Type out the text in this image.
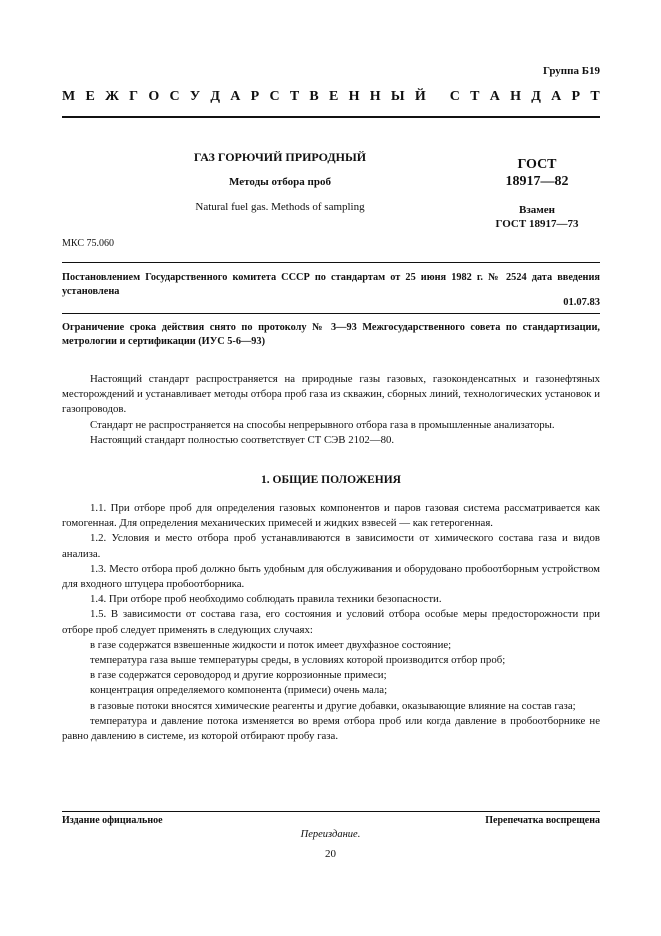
Группа Б19
М Е Ж Г О С У Д А Р С Т В Е Н Н Ы Й
С Т А Н Д А Р Т
ГАЗ ГОРЮЧИЙ ПРИРОДНЫЙ
Методы отбора проб
Natural fuel gas. Methods of sampling
ГОСТ
18917—82
Взамен
ГОСТ 18917—73
МКС 75.060
Постановлением Государственного комитета СССР по стандартам от 25 июня 1982 г. № 2524 дата введения установлена
01.07.83
Ограничение срока действия снято по протоколу № 3—93 Межгосударственного совета по стандартизации, метрологии и сертификации (ИУС 5-6—93)

Настоящий стандарт распространяется на природные газы газовых, газоконденсатных и газонефтяных месторождений и устанавливает методы отбора проб газа из скважин, сборных линий, технологических установок и газопроводов.

Стандарт не распространяется на способы непрерывного отбора газа в промышленные анализаторы.

Настоящий стандарт полностью соответствует СТ СЭВ 2102—80.

1. ОБЩИЕ ПОЛОЖЕНИЯ

1.1. При отборе проб для определения газовых компонентов и паров газовая система рассматривается как гомогенная. Для определения механических примесей и жидких взвесей — как гетерогенная.

1.2. Условия и место отбора проб устанавливаются в зависимости от химического состава газа и видов анализа.

1.3. Место отбора проб должно быть удобным для обслуживания и оборудовано пробоотборным устройством для входного штуцера пробоотборника.

1.4. При отборе проб необходимо соблюдать правила техники безопасности.

1.5. В зависимости от состава газа, его состояния и условий отбора особые меры предосторожности при отборе проб следует применять в следующих случаях:

в газе содержатся взвешенные жидкости и поток имеет двухфазное состояние;

температура газа выше температуры среды, в условиях которой производится отбор проб;

в газе содержатся сероводород и другие коррозионные примеси;

концентрация определяемого компонента (примеси) очень мала;

в газовые потоки вносятся химические реагенты и другие добавки, оказывающие влияние на состав газа;

температура и давление потока изменяется во время отбора проб или когда давление в пробоотборнике не равно давлению в системе, из которой отбирают пробу газа.

Издание официальное	Перепечатка воспрещена
Переиздание.
20
